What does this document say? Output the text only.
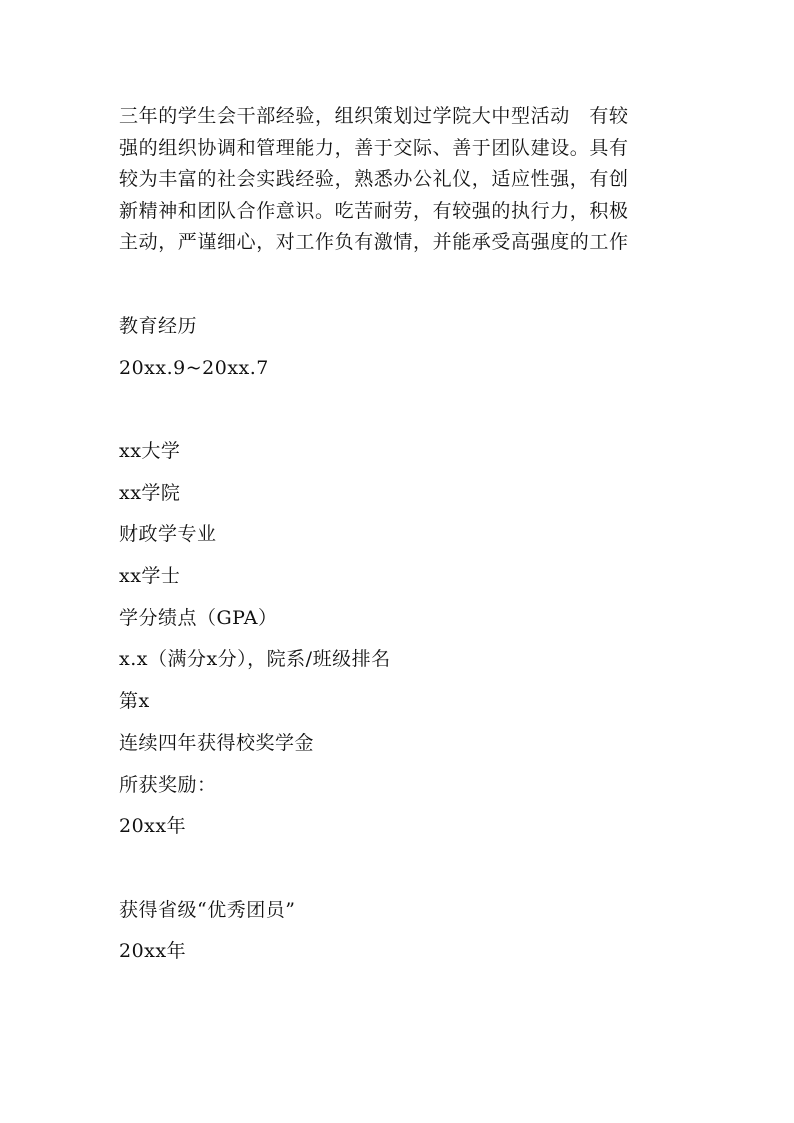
三年的学生会干部经验，组织策划过学院大中型活动　有较
强的组织协调和管理能力，善于交际、善于团队建设。具有
较为丰富的社会实践经验，熟悉办公礼仪，适应性强，有创
新精神和团队合作意识。吃苦耐劳，有较强的执行力，积极
主动，严谨细心，对工作负有激情，并能承受高强度的工作

教育经历

20xx.9~20xx.7

xx大学

xx学院

财政学专业

xx学士

学分绩点（GPA）

x.x（满分x分），院系/班级排名

第x

连续四年获得校奖学金

所获奖励：

20xx年

获得省级“优秀团员”

20xx年
